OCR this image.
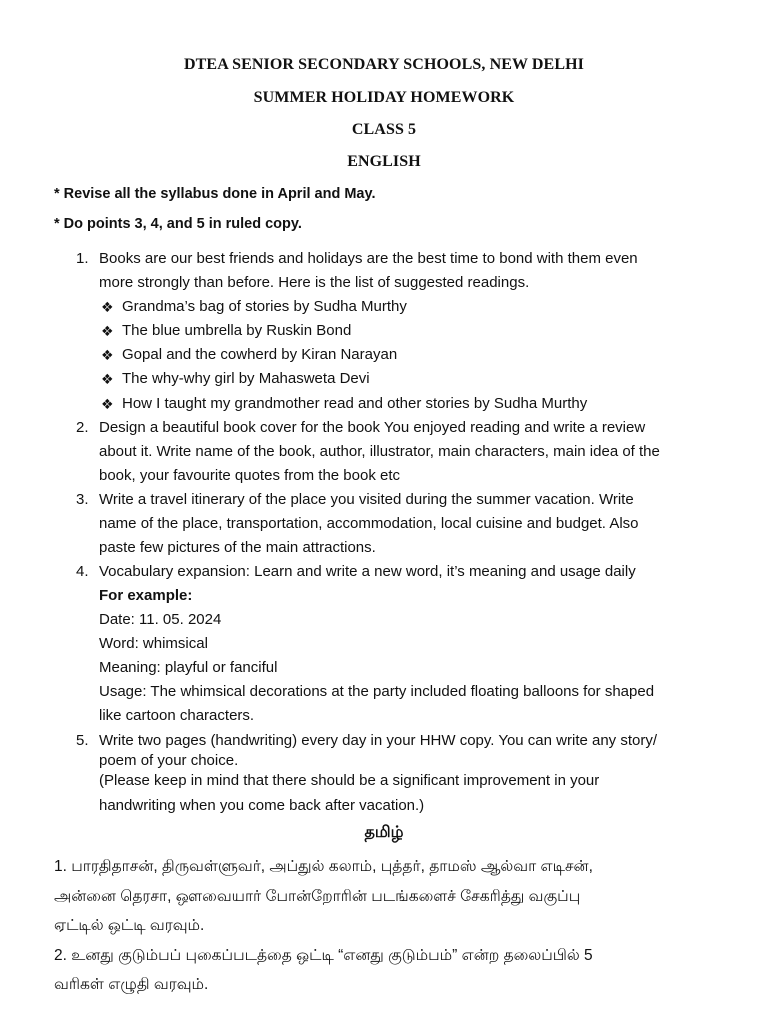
DTEA SENIOR SECONDARY SCHOOLS, NEW DELHI
SUMMER HOLIDAY HOMEWORK
CLASS 5
ENGLISH
* Revise all the syllabus done in April and May.
* Do points 3, 4, and 5 in ruled copy.
1. Books are our best friends and holidays are the best time to bond with them even
more strongly than before. Here is the list of suggested readings.
❖ Grandma’s bag of stories by Sudha Murthy
❖ The blue umbrella by Ruskin Bond
❖ Gopal and the cowherd by Kiran Narayan
❖ The why-why girl by Mahasweta Devi
❖ How I taught my grandmother read and other stories by Sudha Murthy
2. Design a beautiful book cover for the book You enjoyed reading and write a review
about it. Write name of the book, author, illustrator, main characters, main idea of the
book, your favourite quotes from the book etc
3. Write a travel itinerary of the place you visited during the summer vacation. Write
name of the place, transportation, accommodation, local cuisine and budget. Also
paste few pictures of the main attractions.
4. Vocabulary expansion: Learn and write a new word, it’s meaning and usage daily
For example:
Date: 11. 05. 2024
Word: whimsical
Meaning: playful or fanciful
Usage: The whimsical decorations at the party included floating balloons for shaped
like cartoon characters.
5. Write two pages (handwriting) every day in your HHW copy. You can write any story/
poem of your choice.
(Please keep in mind that there should be a significant improvement in your
handwriting when you come back after vacation.)
தமிழ்
1. பாரதிதாசன், திருவள்ளுவர், அப்துல் கலாம், புத்தர், தாமஸ் ஆல்வா எடிசன்,
அன்னை தெரசா, ஔவையார் போன்றோரின் படங்களைச் சேகரித்து வகுப்பு
ஏட்டில் ஒட்டி வரவும்.
2. உனது குடும்பப் புகைப்படத்தை ஒட்டி “எனது குடும்பம்” என்ற தலைப்பில் 5
வரிகள் எழுதி வரவும்.
